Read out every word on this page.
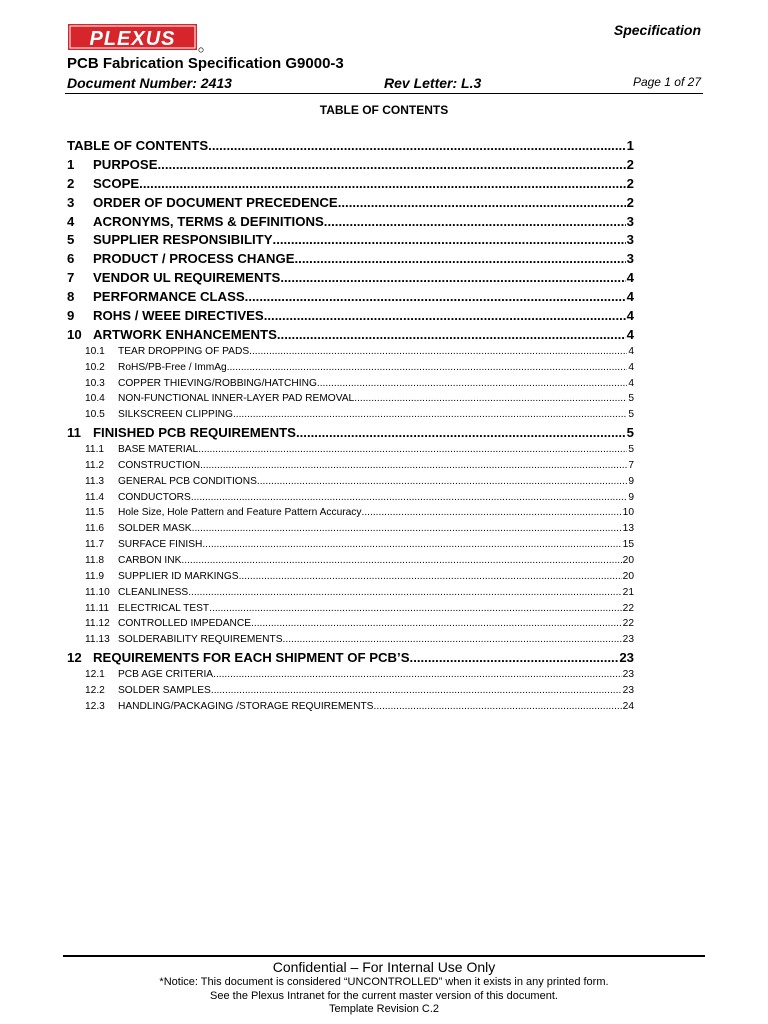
PLEXUS	Specification
PCB Fabrication Specification G9000-3
Document Number: 2413	Rev Letter: L.3	Page 1 of 27
TABLE OF CONTENTS
TABLE OF CONTENTS .....	1
1	PURPOSE .....	2
2	SCOPE .....	2
3	ORDER OF DOCUMENT PRECEDENCE .....	2
4	ACRONYMS, TERMS & DEFINITIONS .....	3
5	SUPPLIER RESPONSIBILITY .....	3
6	PRODUCT / PROCESS CHANGE .....	3
7	VENDOR UL REQUIREMENTS .....	4
8	PERFORMANCE CLASS .....	4
9	ROHS / WEEE DIRECTIVES .....	4
10 ARTWORK ENHANCEMENTS .....	4
10.1	TEAR DROPPING OF PADS .....	4
10.2	RoHS/PB-Free / ImmAg .....	4
10.3	COPPER THIEVING/ROBBING/HATCHING .....	4
10.4	NON-FUNCTIONAL INNER-LAYER PAD REMOVAL .....	5
10.5	SILKSCREEN CLIPPING .....	5
11 FINISHED PCB REQUIREMENTS .....	5
11.1	BASE MATERIAL .....	5
11.2	CONSTRUCTION .....	7
11.3	GENERAL PCB CONDITIONS .....	9
11.4	CONDUCTORS .....	9
11.5	Hole Size, Hole Pattern and Feature Pattern Accuracy .....	10
11.6	SOLDER MASK .....	13
11.7	SURFACE FINISH .....	15
11.8	CARBON INK .....	20
11.9	SUPPLIER ID MARKINGS .....	20
11.10 CLEANLINESS .....	21
11.11 ELECTRICAL TEST .....	22
11.12 CONTROLLED IMPEDANCE .....	22
11.13 SOLDERABILITY REQUIREMENTS .....	23
12 REQUIREMENTS FOR EACH SHIPMENT OF PCB’S .....	23
12.1	PCB AGE CRITERIA .....	23
12.2	SOLDER SAMPLES .....	23
12.3	HANDLING/PACKAGING /STORAGE REQUIREMENTS .....	24
Confidential – For Internal Use Only
*Notice: This document is considered “UNCONTROLLED” when it exists in any printed form.
See the Plexus Intranet for the current master version of this document.
Template Revision C.2
